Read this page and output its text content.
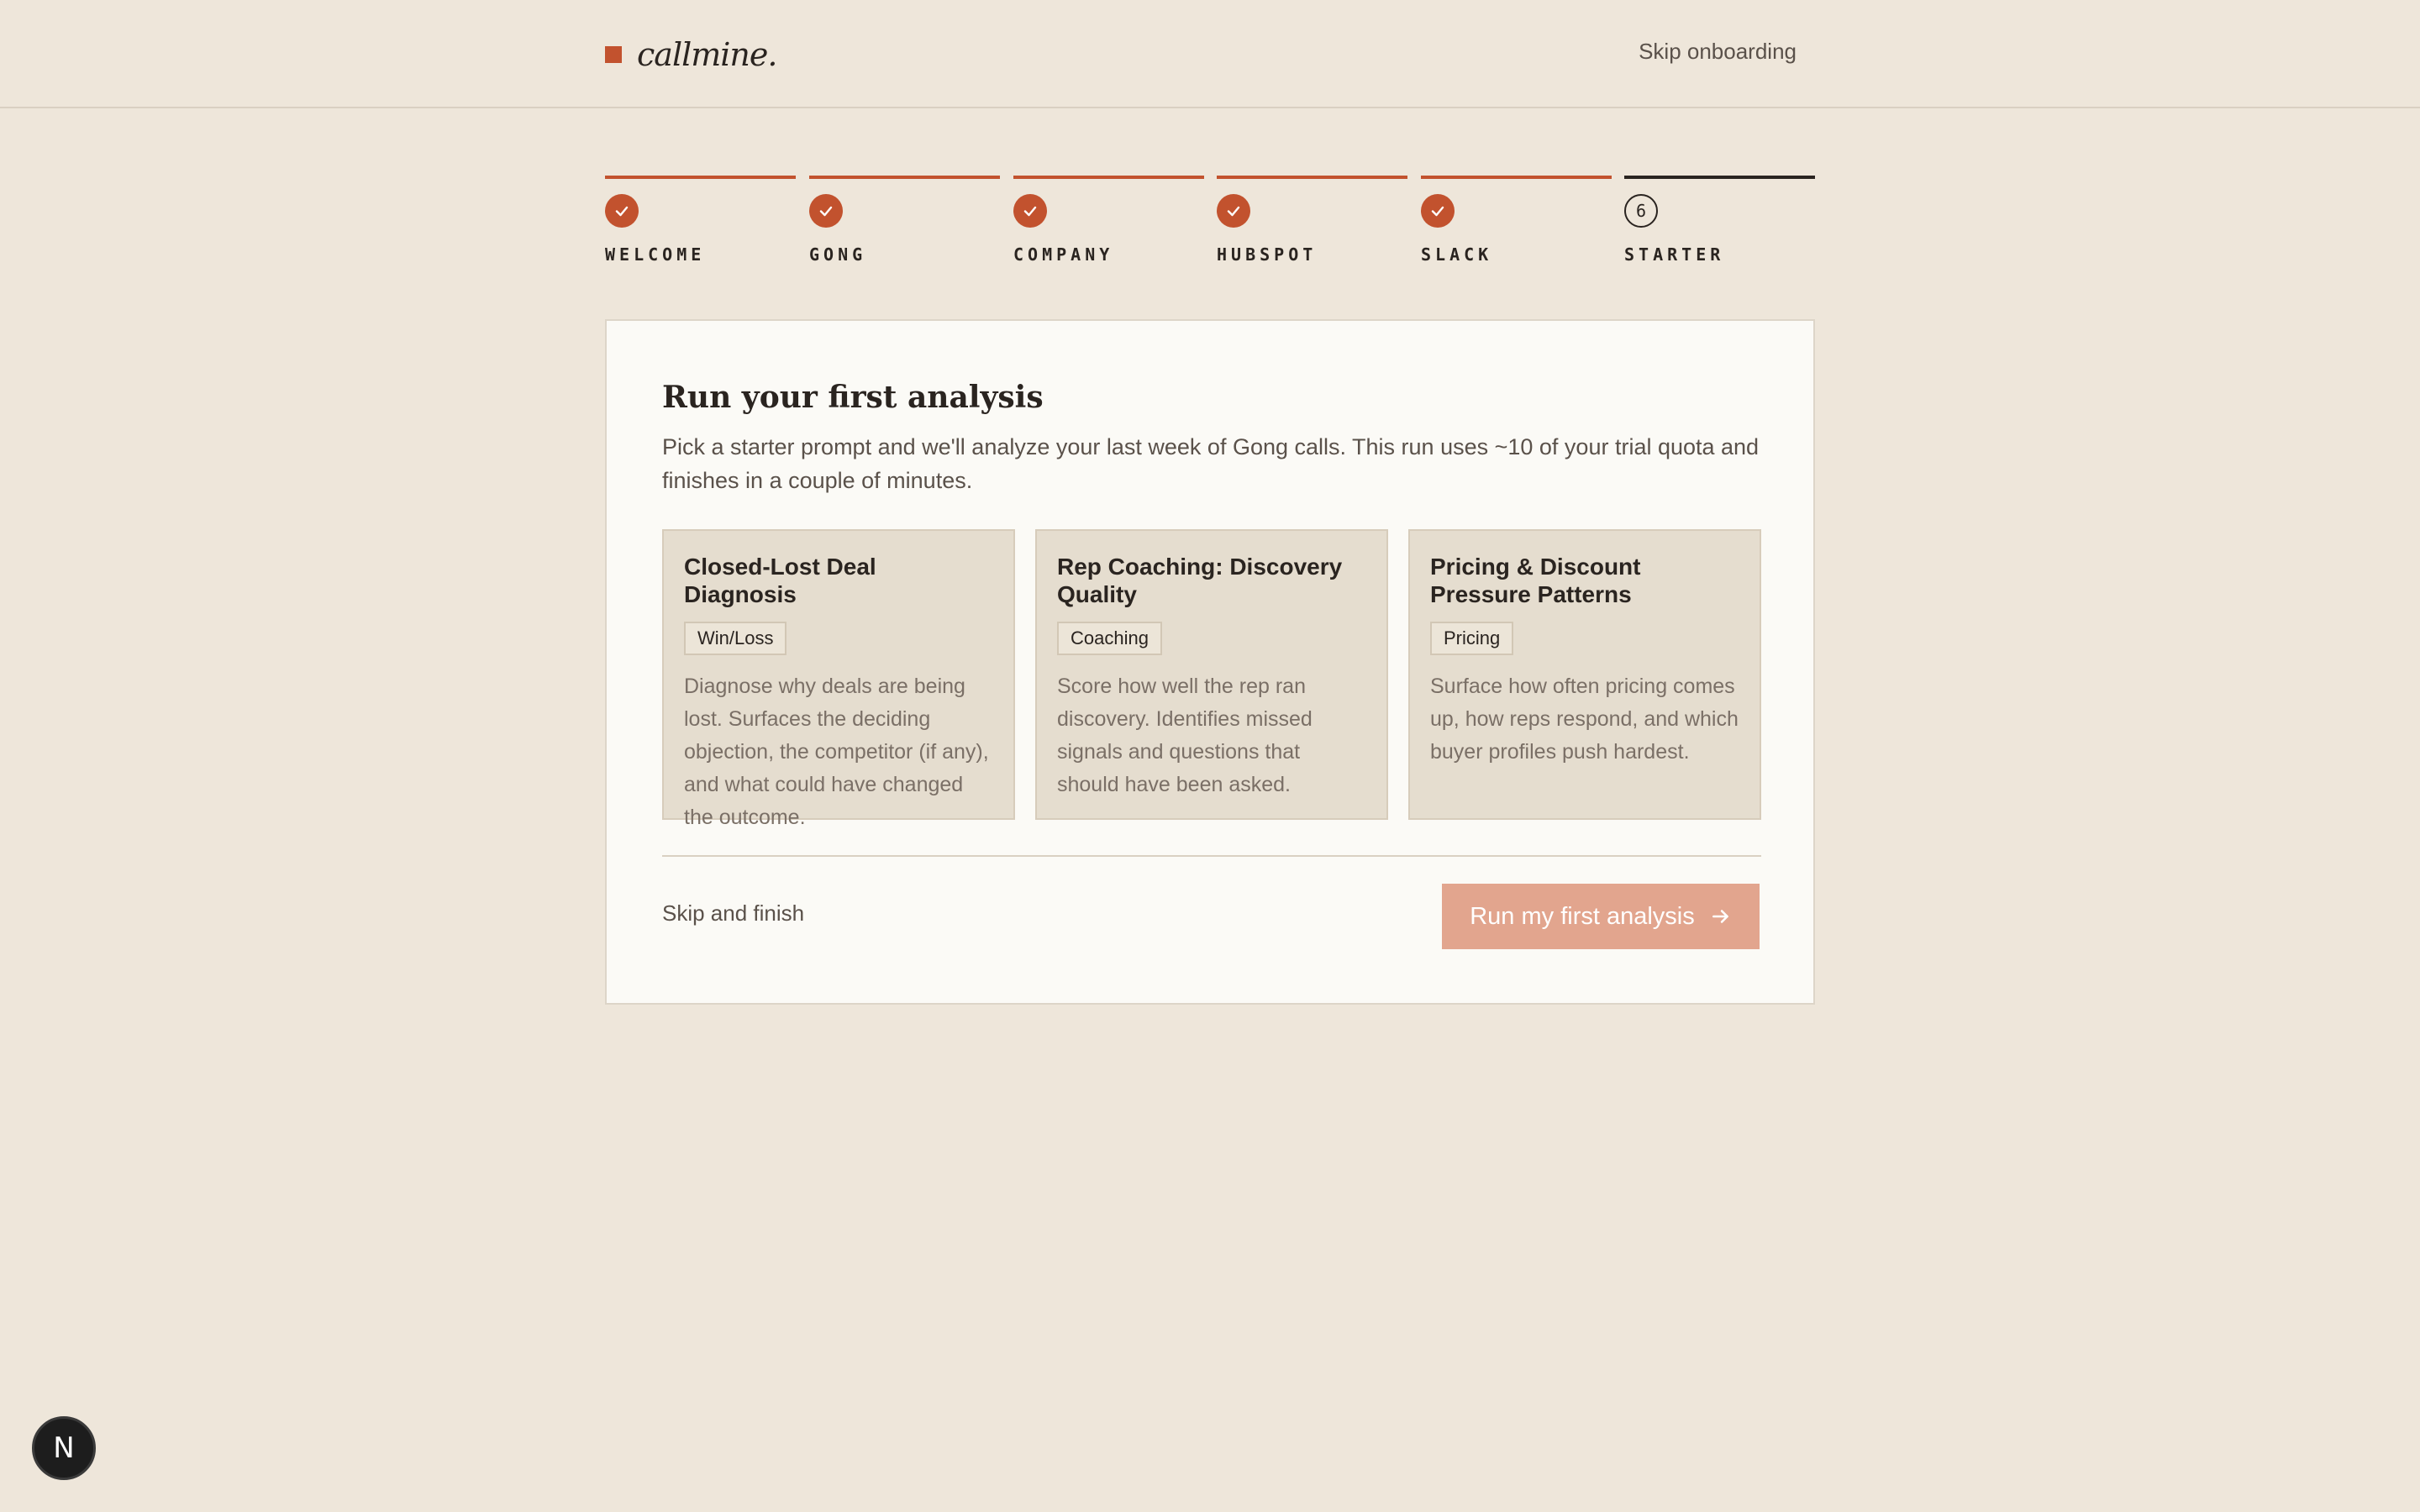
callmine.	Skip onboarding
WELCOME	GONG	COMPANY	HUBSPOT	SLACK
6
STARTER
Run your first analysis

Pick a starter prompt and we'll analyze your last week of Gong calls. This run uses ~10 of your trial quota and finishes in a couple of minutes.

Closed-Lost Deal Diagnosis
Win/Loss
Diagnose why deals are being lost. Surfaces the deciding objection, the competitor (if any), and what could have changed the outcome.
Rep Coaching: Discovery Quality
Coaching
Score how well the rep ran discovery. Identifies missed signals and questions that should have been asked.
Pricing & Discount Pressure Patterns
Pricing
Surface how often pricing comes up, how reps respond, and which buyer profiles push hardest.
Skip and finish	Run my first analysis
N
